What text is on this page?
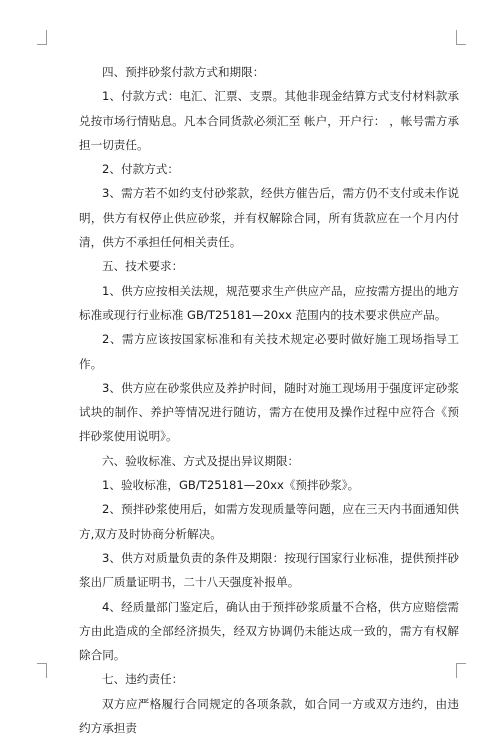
四、预拌砂浆付款方式和期限：

1、付款方式：电汇、汇票、支票。其他非现金结算方式支付材料款承兑按市场行情贴息。凡本合同货款必须汇至 帐户，开户行： ，帐号需方承担一切责任。

2、付款方式：

3、需方若不如约支付砂浆款，经供方催告后，需方仍不支付或未作说 明，供方有权停止供应砂浆，并有权解除合同，所有货款应在一个月内付清，供方不承担任何相关责任。

五、技术要求：

1、供方应按相关法规，规范要求生产供应产品，应按需方提出的地方标准或现行行业标准 GB/T25181—20xx 范围内的技术要求供应产品。

2、需方应该按国家标准和有关技术规定必要时做好施工现场指导工作。

3、供方应在砂浆供应及养护时间，随时对施工现场用于强度评定砂浆试块的制作、养护等情况进行随访，需方在使用及操作过程中应符合《预拌砂浆使用说明》。

六、验收标准、方式及提出异议期限：

1、验收标准，GB/T25181—20xx《预拌砂浆》。

2、预拌砂浆使用后，如需方发现质量等问题，应在三天内书面通知供方,双方及时协商分析解决。

3、供方对质量负责的条件及期限：按现行国家行业标准，提供预拌砂浆出厂质量证明书，二十八天强度补报单。

4、经质量部门鉴定后，确认由于预拌砂浆质量不合格，供方应赔偿需方由此造成的全部经济损失，经双方协调仍未能达成一致的，需方有权解除合同。

七、违约责任：

双方应严格履行合同规定的各项条款，如合同一方或双方违约，由违约方承担责
